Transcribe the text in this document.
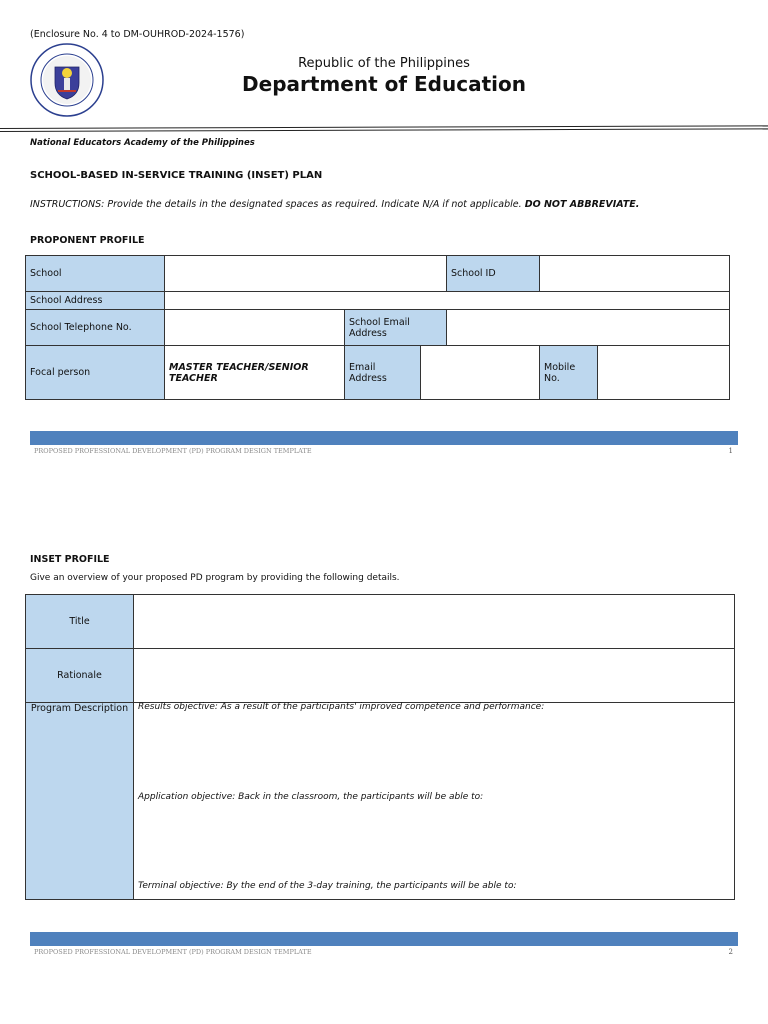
(Enclosure No. 4 to DM-OUHROD-2024-1576)
Republic of the Philippines
Department of Education
National Educators Academy of the Philippines
SCHOOL-BASED IN-SERVICE TRAINING (INSET) PLAN
INSTRUCTIONS: Provide the details in the designated spaces as required. Indicate N/A if not applicable. DO NOT ABBREVIATE.
PROPONENT PROFILE
School				School ID		
School Address						
School Telephone No.		School Email Address				
Focal person	MASTER TEACHER/SENIOR TEACHER	Email Address			Mobile No.	
PROPOSED PROFESSIONAL DEVELOPMENT (PD) PROGRAM DESIGN TEMPLATE	1
INSET PROFILE
Give an overview of your proposed PD program by providing the following details.
Title	
Rationale	
Program Description	Results objective: As a result of the participants' improved competence and performance:
Application objective: Back in the classroom, the participants will be able to:
Terminal objective: By the end of the 3-day training, the participants will be able to:
PROPOSED PROFESSIONAL DEVELOPMENT (PD) PROGRAM DESIGN TEMPLATE	2
